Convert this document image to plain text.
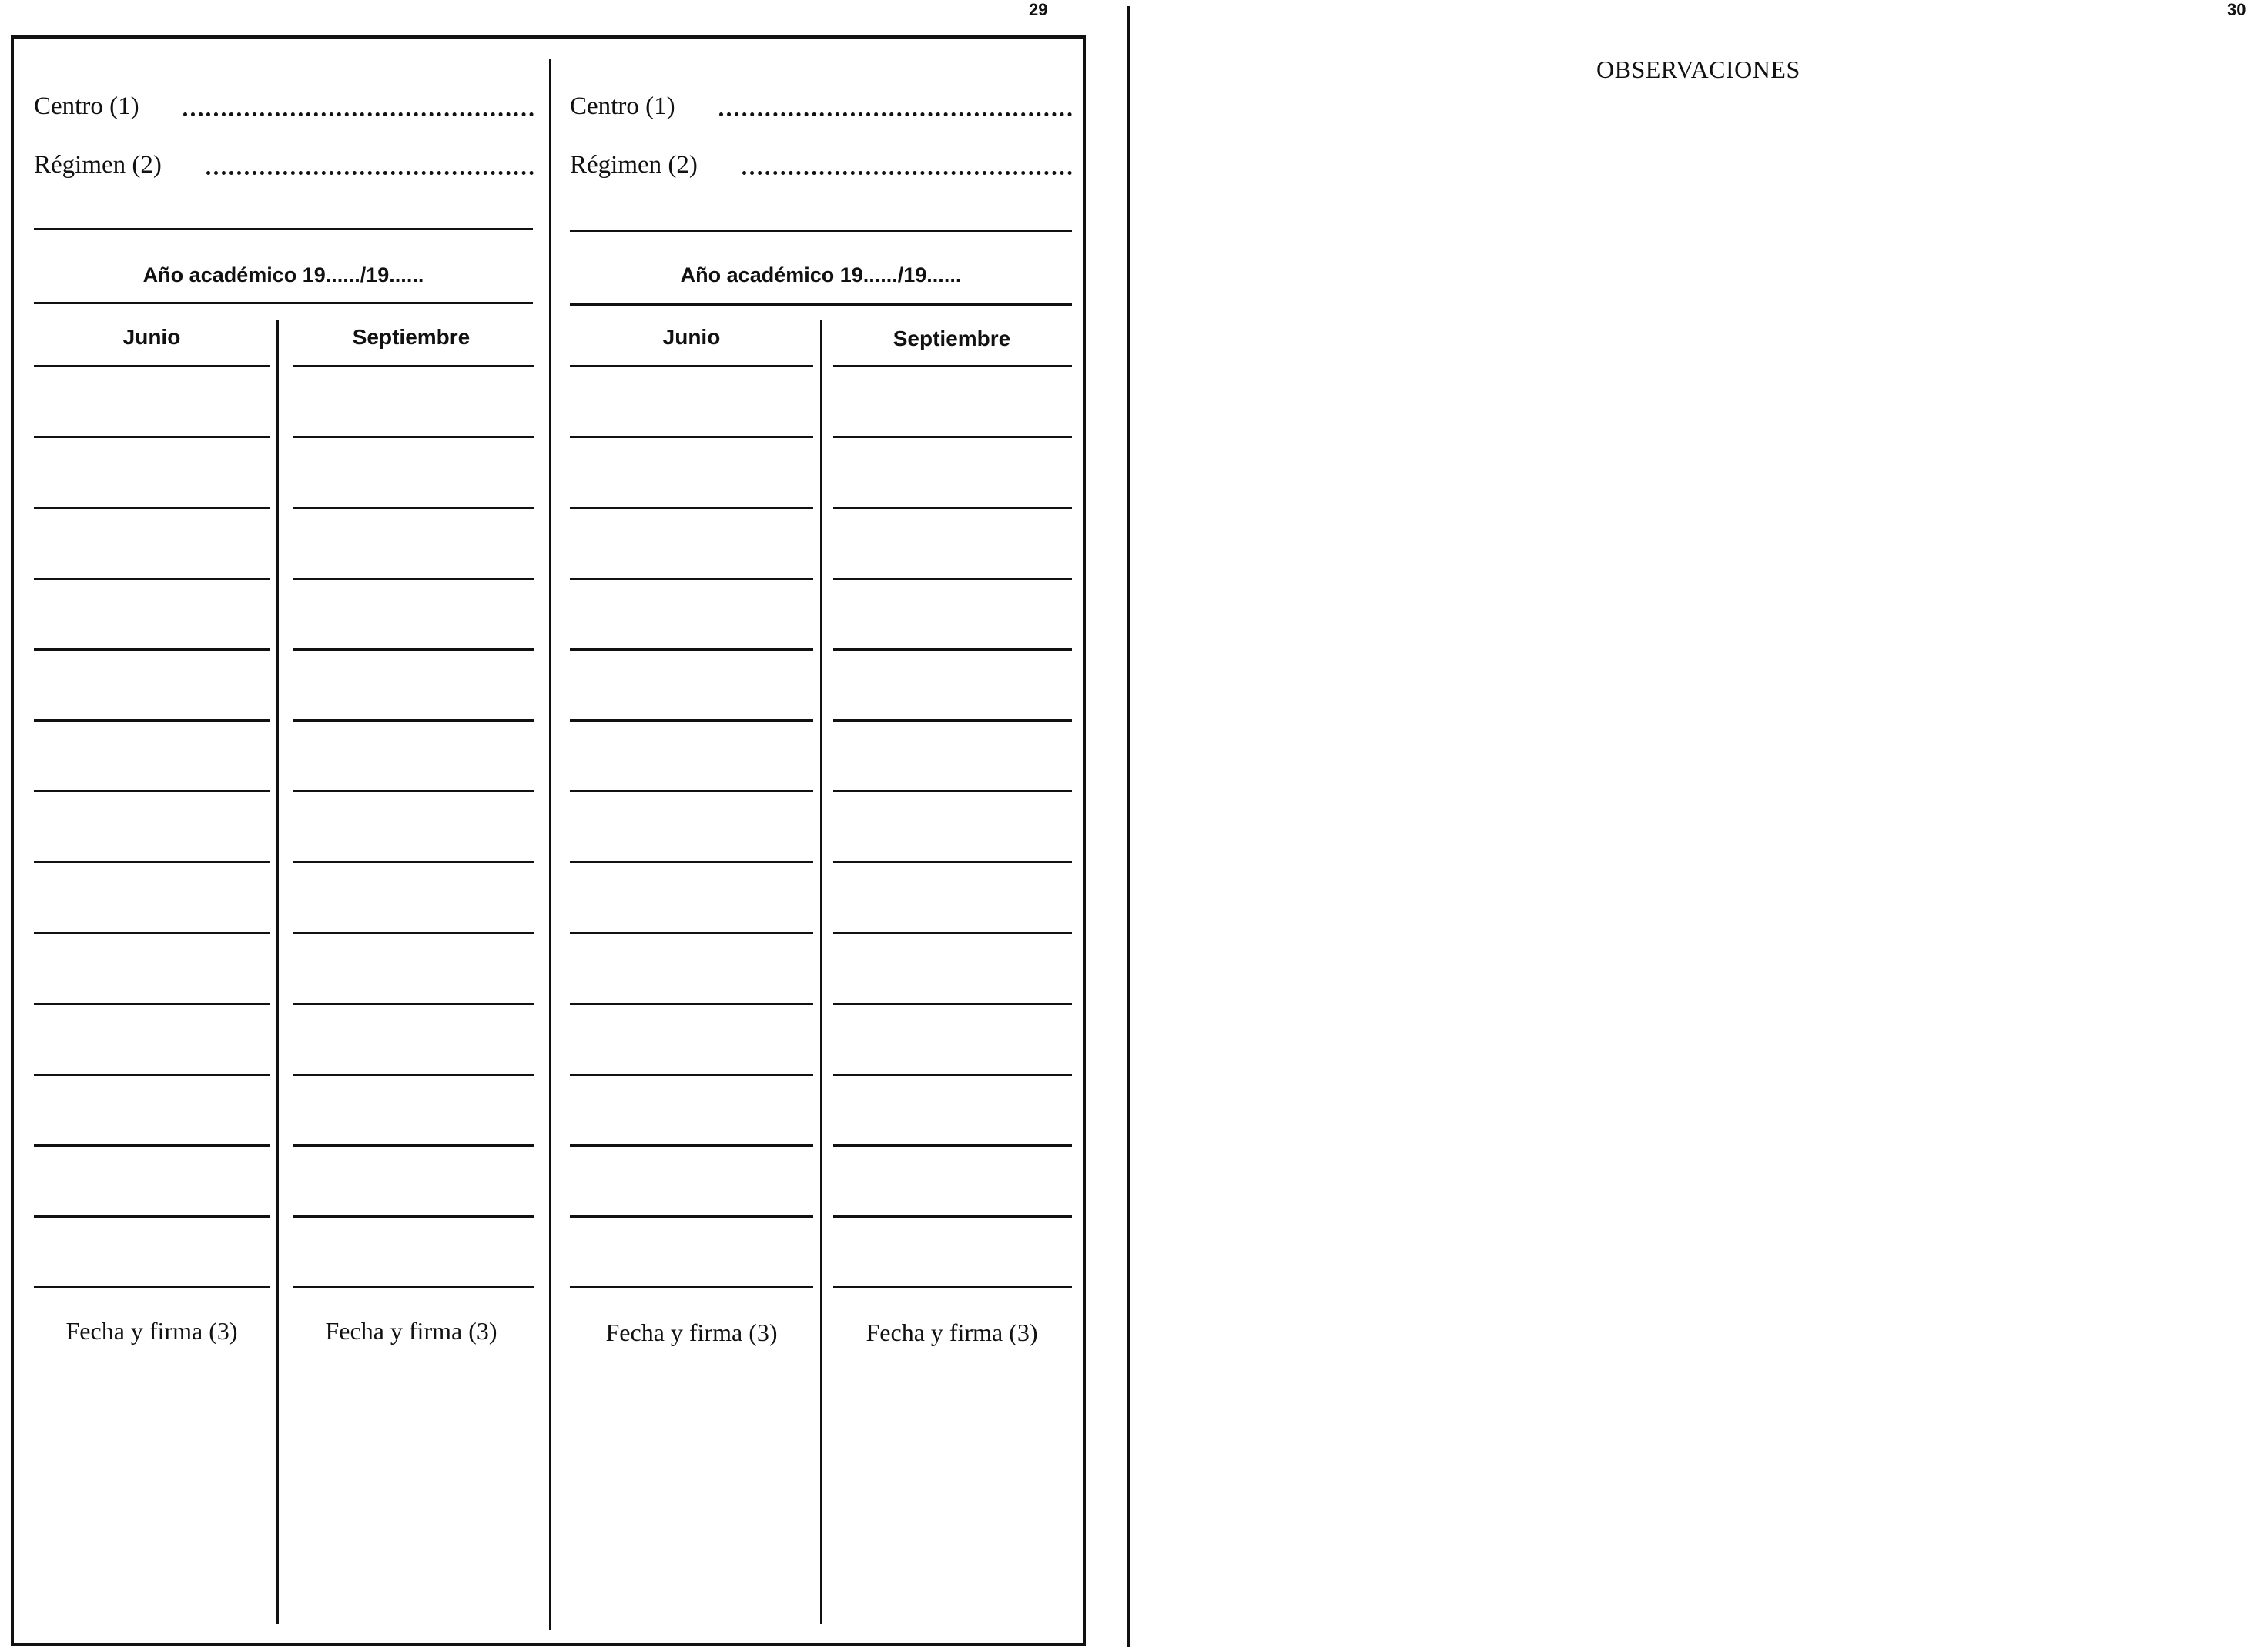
29	30
Centro (1)
Régimen (2)
Año académico 19....../19......
Junio	Septiembre
Fecha y firma (3)	Fecha y firma (3)
Centro (1)
Régimen (2)
Año académico 19....../19......
Junio	Septiembre
Fecha y firma (3)	Fecha y firma (3)
OBSERVACIONES
